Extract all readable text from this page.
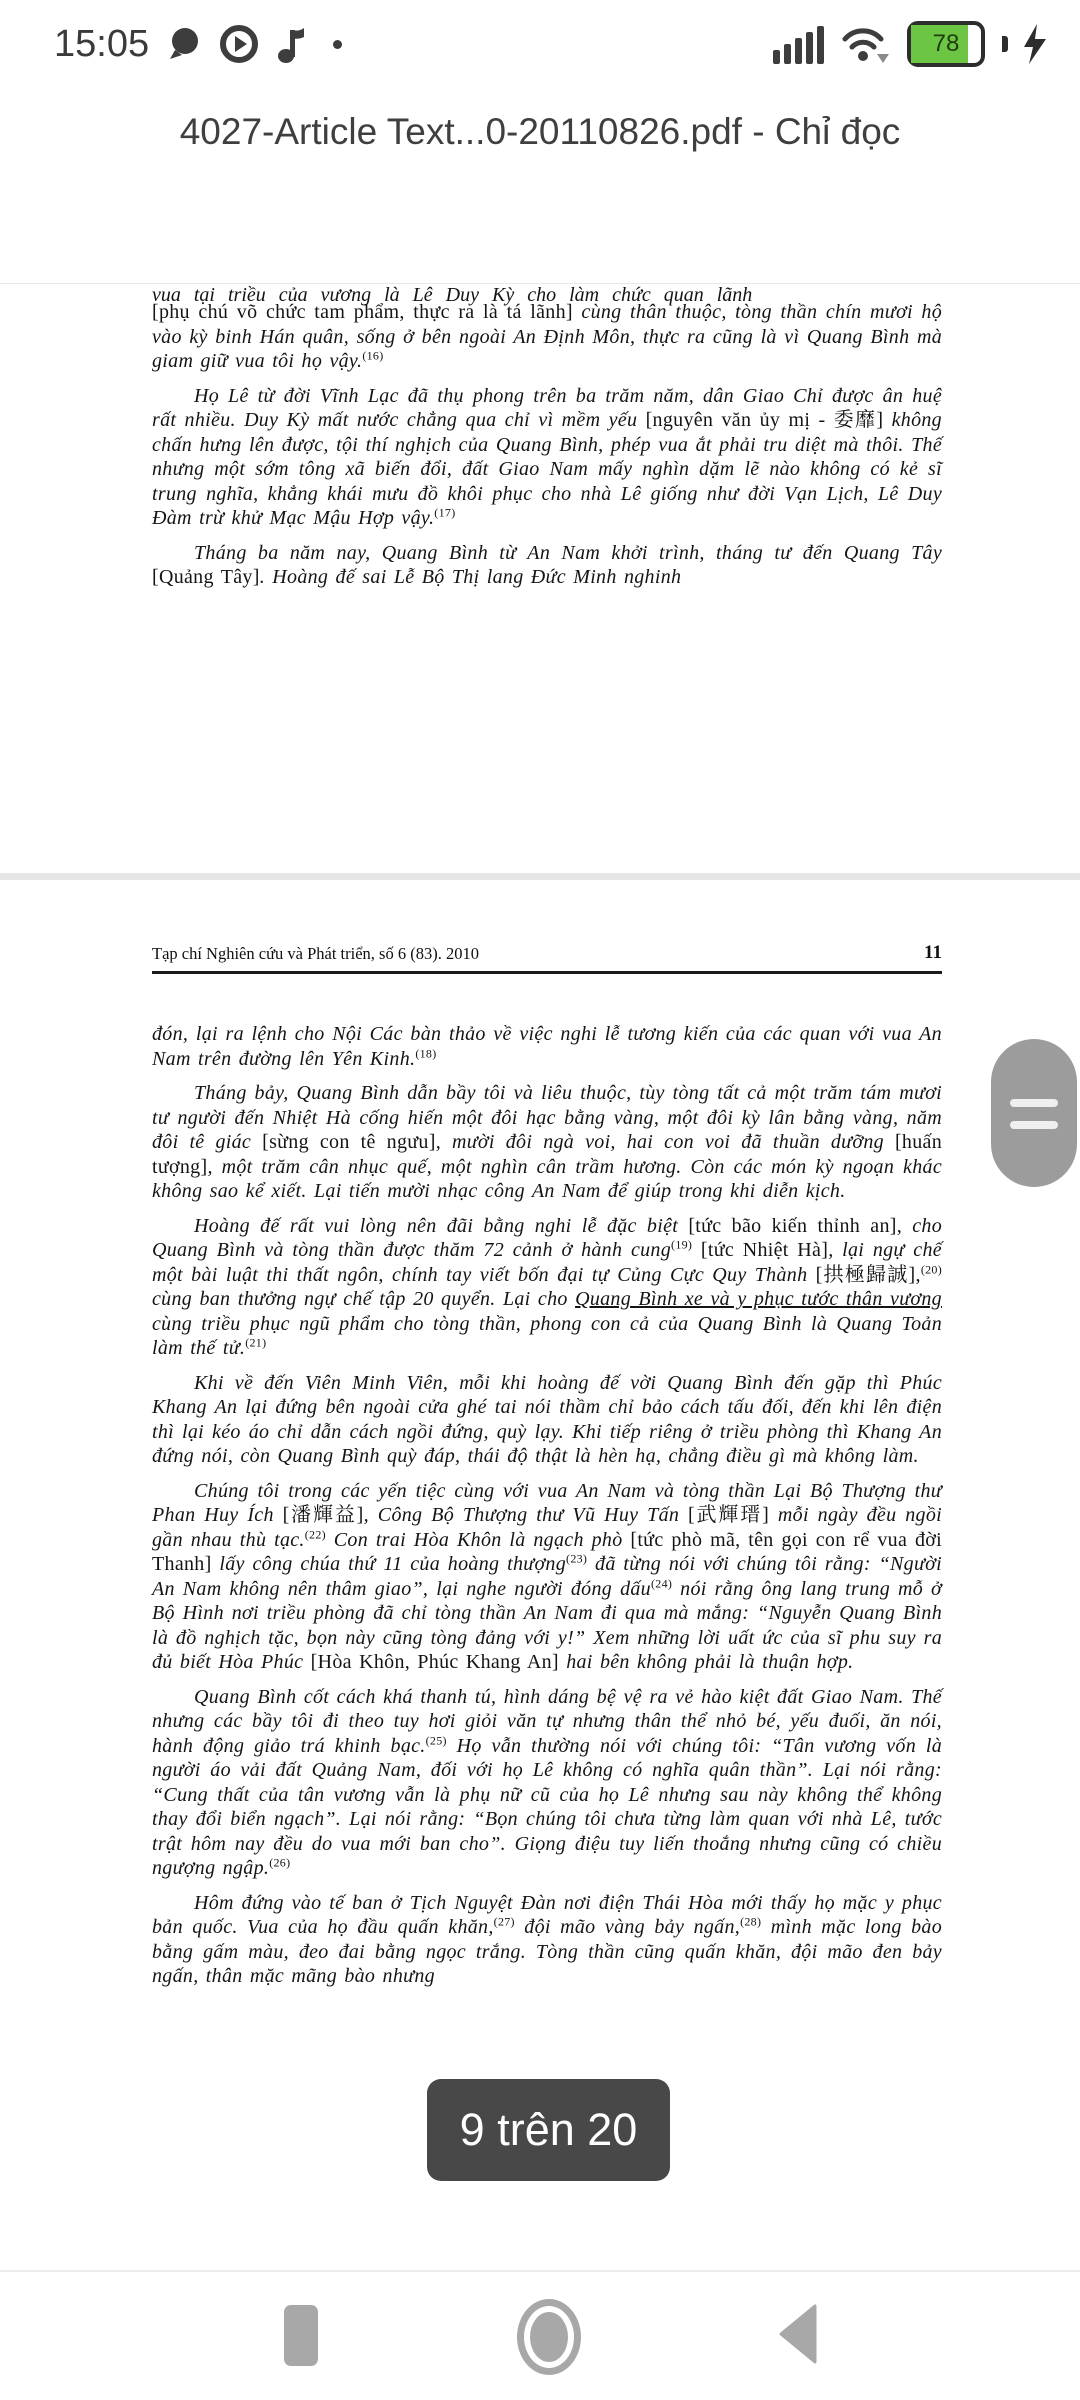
15:05	78
4027-Article Text...0-20110826.pdf - Chỉ đọc
vua tại triều của vương là Lê Duy Kỳ cho làm chức quan lãnh

[phụ chú võ chức tam phẩm, thực ra là tá lãnh] cùng thân thuộc, tòng thần chín mươi hộ vào kỳ binh Hán quân, sống ở bên ngoài An Định Môn, thực ra cũng là vì Quang Bình mà giam giữ vua tôi họ vậy.$^{(16)}$

Họ Lê từ đời Vĩnh Lạc đã thụ phong trên ba trăm năm, dân Giao Chỉ được ân huệ rất nhiều. Duy Kỳ mất nước chẳng qua chỉ vì mềm yếu [nguyên văn ủy mị - 委靡] không chấn hưng lên được, tội thí nghịch của Quang Bình, phép vua ắt phải tru diệt mà thôi. Thế nhưng một sớm tông xã biến đổi, đất Giao Nam mấy nghìn dặm lẽ nào không có kẻ sĩ trung nghĩa, khẳng khái mưu đồ khôi phục cho nhà Lê giống như đời Vạn Lịch, Lê Duy Đàm trừ khử Mạc Mậu Hợp vậy.$^{(17)}$

Tháng ba năm nay, Quang Bình từ An Nam khởi trình, tháng tư đến Quang Tây [Quảng Tây]. Hoàng đế sai Lễ Bộ Thị lang Đức Minh nghinh

Tạp chí Nghiên cứu và Phát triển, số 6 (83). 2010	11

đón, lại ra lệnh cho Nội Các bàn thảo về việc nghi lễ tương kiến của các quan với vua An Nam trên đường lên Yên Kinh.$^{(18)}$

Tháng bảy, Quang Bình dẫn bầy tôi và liêu thuộc, tùy tòng tất cả một trăm tám mươi tư người đến Nhiệt Hà cống hiến một đôi hạc bằng vàng, một đôi kỳ lân bằng vàng, năm đôi tê giác [sừng con tê ngưu], mười đôi ngà voi, hai con voi đã thuần dưỡng [huấn tượng], một trăm cân nhục quế, một nghìn cân trầm hương. Còn các món kỳ ngoạn khác không sao kể xiết. Lại tiến mười nhạc công An Nam để giúp trong khi diễn kịch.

Hoàng đế rất vui lòng nên đãi bằng nghi lễ đặc biệt [tức bão kiến thỉnh an], cho Quang Bình và tòng thần được thăm 72 cảnh ở hành cung$^{(19)}$ [tức Nhiệt Hà], lại ngự chế một bài luật thi thất ngôn, chính tay viết bốn đại tự Củng Cực Quy Thành [拱極歸誠],$^{(20)}$ cùng ban thưởng ngự chế tập 20 quyển. Lại cho Quang Bình xe và y phục tước thân vương cùng triều phục ngũ phẩm cho tòng thần, phong con cả của Quang Bình là Quang Toản làm thế tử.$^{(21)}$

Khi về đến Viên Minh Viên, mỗi khi hoàng đế vời Quang Bình đến gặp thì Phúc Khang An lại đứng bên ngoài cửa ghé tai nói thầm chỉ bảo cách tấu đối, đến khi lên điện thì lại kéo áo chỉ dẫn cách ngồi đứng, quỳ lạy. Khi tiếp riêng ở triều phòng thì Khang An đứng nói, còn Quang Bình quỳ đáp, thái độ thật là hèn hạ, chẳng điều gì mà không làm.

Chúng tôi trong các yến tiệc cùng với vua An Nam và tòng thần Lại Bộ Thượng thư Phan Huy Ích [潘輝益], Công Bộ Thượng thư Vũ Huy Tấn [武輝瑨] mỗi ngày đều ngồi gần nhau thù tạc.$^{(22)}$ Con trai Hòa Khôn là ngạch phò [tức phò mã, tên gọi con rể vua đời Thanh] lấy công chúa thứ 11 của hoàng thượng$^{(23)}$ đã từng nói với chúng tôi rằng: “Người An Nam không nên thâm giao”, lại nghe người đóng dấu$^{(24)}$ nói rằng ông lang trung mỗ ở Bộ Hình nơi triều phòng đã chỉ tòng thần An Nam đi qua mà mắng: “Nguyễn Quang Bình là đồ nghịch tặc, bọn này cũng tòng đảng với y!” Xem những lời uất ức của sĩ phu suy ra đủ biết Hòa Phúc [Hòa Khôn, Phúc Khang An] hai bên không phải là thuận hợp.

Quang Bình cốt cách khá thanh tú, hình dáng bệ vệ ra vẻ hào kiệt đất Giao Nam. Thế nhưng các bầy tôi đi theo tuy hơi giỏi văn tự nhưng thân thể nhỏ bé, yếu đuối, ăn nói, hành động giảo trá khinh bạc.$^{(25)}$ Họ vẫn thường nói với chúng tôi: “Tân vương vốn là người áo vải đất Quảng Nam, đối với họ Lê không có nghĩa quân thần”. Lại nói rằng: “Cung thất của tân vương vẫn là phụ nữ cũ của họ Lê nhưng sau này không thể không thay đổi biển ngạch”. Lại nói rằng: “Bọn chúng tôi chưa từng làm quan với nhà Lê, tước trật hôm nay đều do vua mới ban cho”. Giọng điệu tuy liến thoắng nhưng cũng có chiều ngượng ngập.$^{(26)}$

Hôm đứng vào tế ban ở Tịch Nguyệt Đàn nơi điện Thái Hòa mới thấy họ mặc y phục bản quốc. Vua của họ đầu quấn khăn,$^{(27)}$ đội mão vàng bảy ngấn,$^{(28)}$ mình mặc long bào bằng gấm màu, đeo đai bằng ngọc trắng. Tòng thần cũng quấn khăn, đội mão đen bảy ngấn, thân mặc mãng bào nhưng

9 trên 20
